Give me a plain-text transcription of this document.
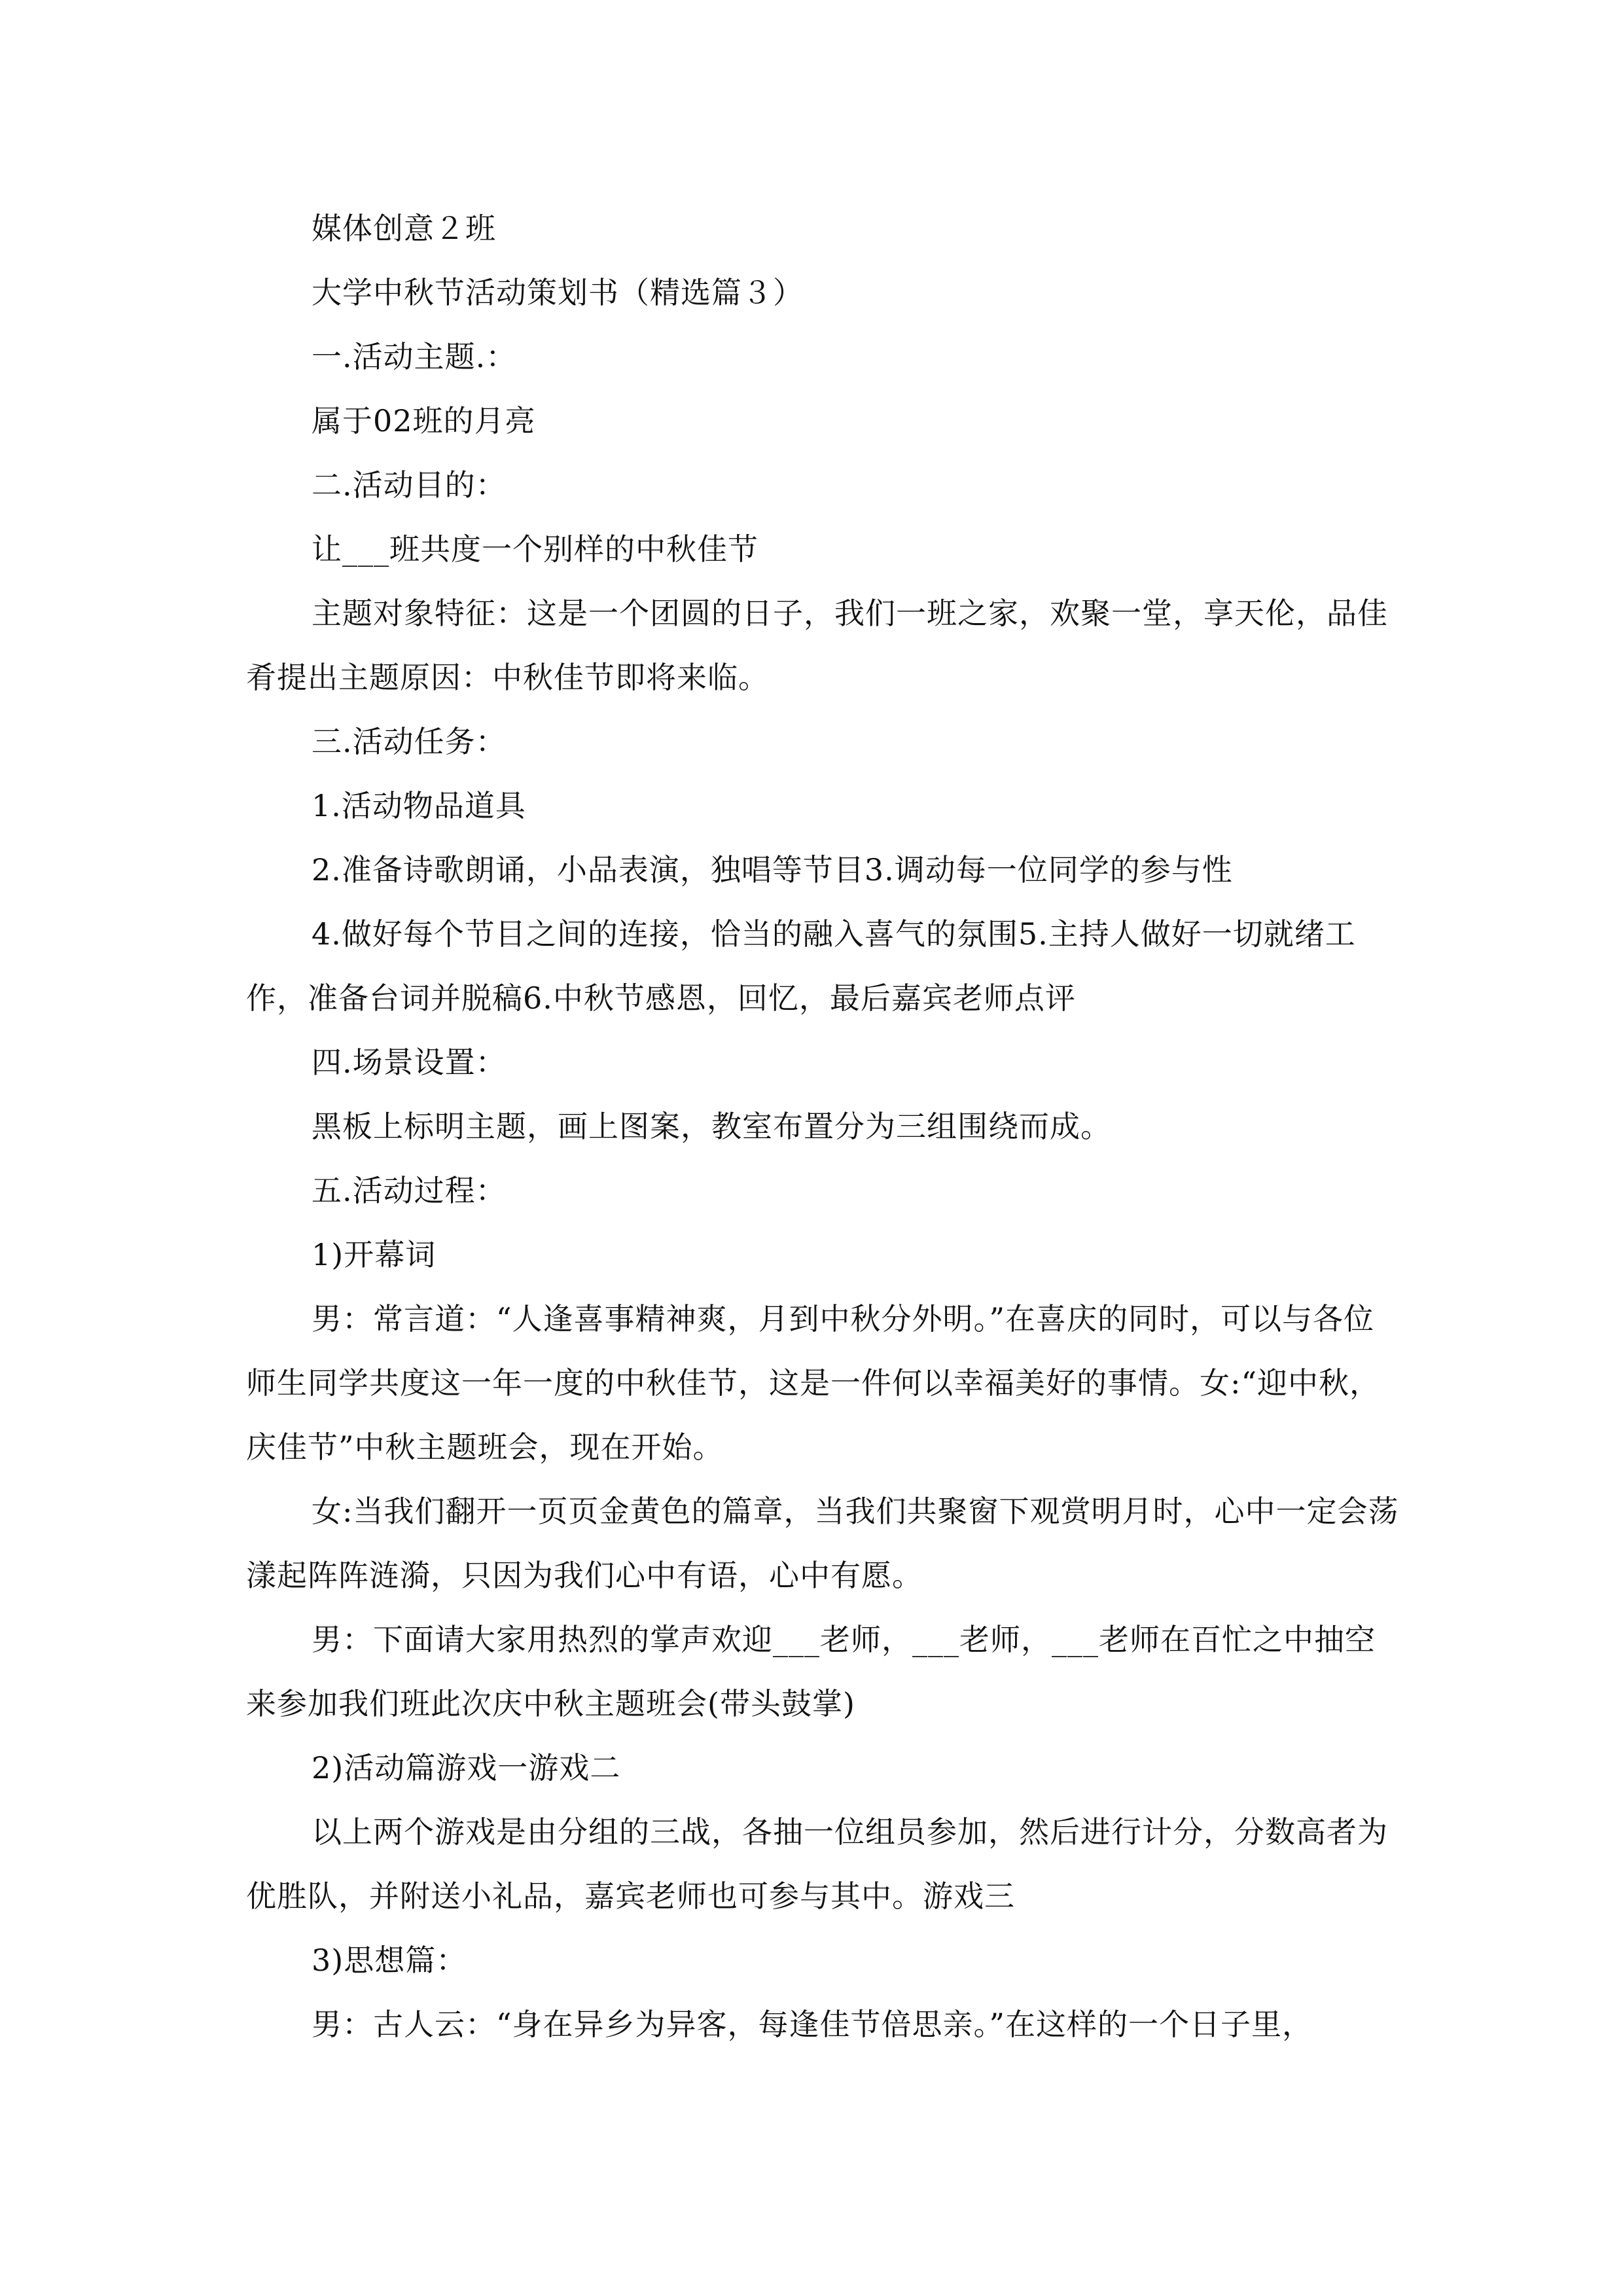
媒体创意２班

大学中秋节活动策划书（精选篇３）

一.活动主题.：

属于02班的月亮

二.活动目的：

让___班共度一个别样的中秋佳节

主题对象特征：这是一个团圆的日子，我们一班之家，欢聚一堂，享天伦，品佳肴提出主题原因：中秋佳节即将来临。

三.活动任务：

1.活动物品道具

2.准备诗歌朗诵，小品表演，独唱等节目3.调动每一位同学的参与性

4.做好每个节目之间的连接，恰当的融入喜气的氛围5.主持人做好一切就绪工作，准备台词并脱稿6.中秋节感恩，回忆，最后嘉宾老师点评

四.场景设置：

黑板上标明主题，画上图案，教室布置分为三组围绕而成。

五.活动过程：

1)开幕词

男：常言道：“人逢喜事精神爽，月到中秋分外明。”在喜庆的同时，可以与各位师生同学共度这一年一度的中秋佳节，这是一件何以幸福美好的事情。女:“迎中秋，庆佳节”中秋主题班会，现在开始。

女:当我们翻开一页页金黄色的篇章，当我们共聚窗下观赏明月时，心中一定会荡漾起阵阵涟漪，只因为我们心中有语，心中有愿。

男：下面请大家用热烈的掌声欢迎___老师，___老师，___老师在百忙之中抽空来参加我们班此次庆中秋主题班会(带头鼓掌)

2)活动篇游戏一游戏二

以上两个游戏是由分组的三战，各抽一位组员参加，然后进行计分，分数高者为优胜队，并附送小礼品，嘉宾老师也可参与其中。游戏三

3)思想篇：

男：古人云：“身在异乡为异客，每逢佳节倍思亲。”在这样的一个日子里，
